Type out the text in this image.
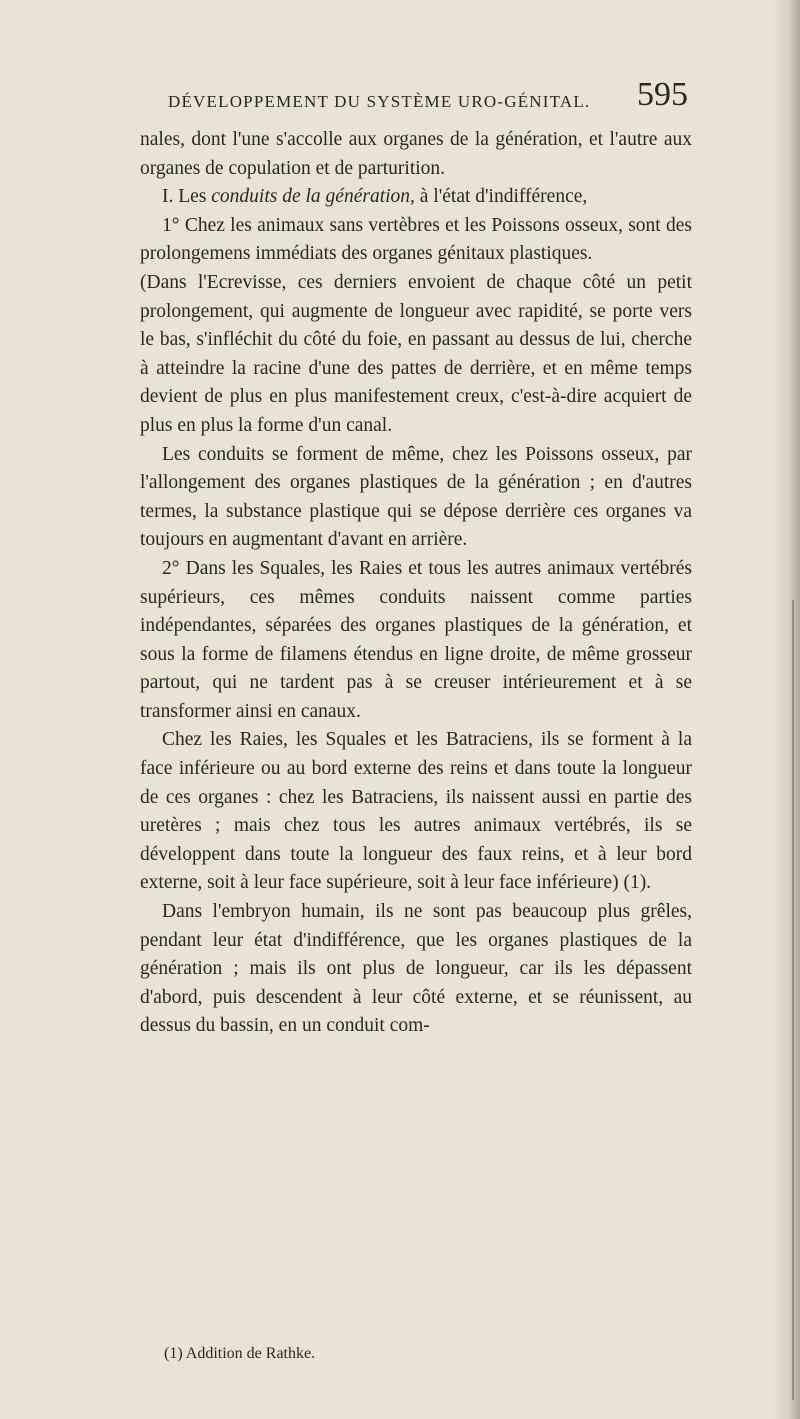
DÉVELOPPEMENT DU SYSTÈME URO-GÉNITAL. 595

nales, dont l'une s'accolle aux organes de la génération, et l'autre aux organes de copulation et de parturition.

I. Les conduits de la génération, à l'état d'indifférence,

1° Chez les animaux sans vertèbres et les Poissons osseux, sont des prolongemens immédiats des organes génitaux plastiques.

(Dans l'Ecrevisse, ces derniers envoient de chaque côté un petit prolongement, qui augmente de longueur avec rapidité, se porte vers le bas, s'infléchit du côté du foie, en passant au dessus de lui, cherche à atteindre la racine d'une des pattes de derrière, et en même temps devient de plus en plus manifestement creux, c'est-à-dire acquiert de plus en plus la forme d'un canal.

Les conduits se forment de même, chez les Poissons osseux, par l'allongement des organes plastiques de la génération ; en d'autres termes, la substance plastique qui se dépose derrière ces organes va toujours en augmentant d'avant en arrière.

2° Dans les Squales, les Raies et tous les autres animaux vertébrés supérieurs, ces mêmes conduits naissent comme parties indépendantes, séparées des organes plastiques de la génération, et sous la forme de filamens étendus en ligne droite, de même grosseur partout, qui ne tardent pas à se creuser intérieurement et à se transformer ainsi en canaux.

Chez les Raies, les Squales et les Batraciens, ils se forment à la face inférieure ou au bord externe des reins et dans toute la longueur de ces organes : chez les Batraciens, ils naissent aussi en partie des uretères ; mais chez tous les autres animaux vertébrés, ils se développent dans toute la longueur des faux reins, et à leur bord externe, soit à leur face supérieure, soit à leur face inférieure) (1).

Dans l'embryon humain, ils ne sont pas beaucoup plus grêles, pendant leur état d'indifférence, que les organes plastiques de la génération ; mais ils ont plus de longueur, car ils les dépassent d'abord, puis descendent à leur côté externe, et se réunissent, au dessus du bassin, en un conduit com-

(1) Addition de Rathke.
